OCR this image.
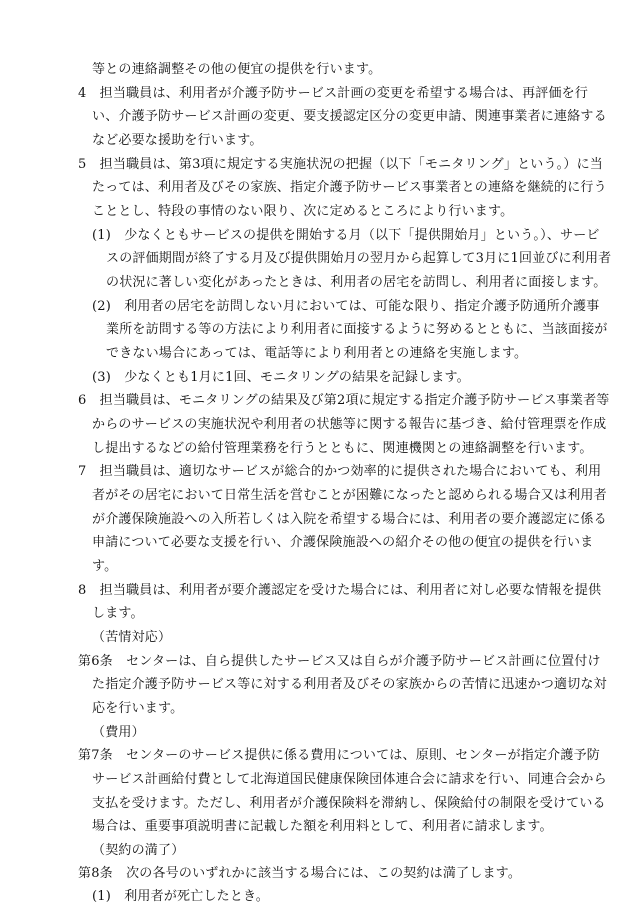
等との連絡調整その他の便宜の提供を行います。
4　担当職員は、利用者が介護予防サービス計画の変更を希望する場合は、再評価を行
い、介護予防サービス計画の変更、要支援認定区分の変更申請、関連事業者に連絡する
など必要な援助を行います。
5　担当職員は、第3項に規定する実施状況の把握（以下「モニタリング」という。）に当
たっては、利用者及びその家族、指定介護予防サービス事業者との連絡を継続的に行う
こととし、特段の事情のない限り、次に定めるところにより行います。
(1)　少なくともサービスの提供を開始する月（以下「提供開始月」という。）、サービ
スの評価期間が終了する月及び提供開始月の翌月から起算して3月に1回並びに利用者
の状況に著しい変化があったときは、利用者の居宅を訪問し、利用者に面接します。
(2)　利用者の居宅を訪問しない月においては、可能な限り、指定介護予防通所介護事
業所を訪問する等の方法により利用者に面接するように努めるとともに、当該面接が
できない場合にあっては、電話等により利用者との連絡を実施します。
(3)　少なくとも1月に1回、モニタリングの結果を記録します。
6　担当職員は、モニタリングの結果及び第2項に規定する指定介護予防サービス事業者等
からのサービスの実施状況や利用者の状態等に関する報告に基づき、給付管理票を作成
し提出するなどの給付管理業務を行うとともに、関連機関との連絡調整を行います。
7　担当職員は、適切なサービスが総合的かつ効率的に提供された場合においても、利用
者がその居宅において日常生活を営むことが困難になったと認められる場合又は利用者
が介護保険施設への入所若しくは入院を希望する場合には、利用者の要介護認定に係る
申請について必要な支援を行い、介護保険施設への紹介その他の便宜の提供を行いま
す。
8　担当職員は、利用者が要介護認定を受けた場合には、利用者に対し必要な情報を提供
します。
（苦情対応）
第6条　センターは、自ら提供したサービス又は自らが介護予防サービス計画に位置付け
た指定介護予防サービス等に対する利用者及びその家族からの苦情に迅速かつ適切な対
応を行います。
（費用）
第7条　センターのサービス提供に係る費用については、原則、センターが指定介護予防
サービス計画給付費として北海道国民健康保険団体連合会に請求を行い、同連合会から
支払を受けます。ただし、利用者が介護保険料を滞納し、保険給付の制限を受けている
場合は、重要事項説明書に記載した額を利用料として、利用者に請求します。
（契約の満了）
第8条　次の各号のいずれかに該当する場合には、この契約は満了します。
(1)　利用者が死亡したとき。
